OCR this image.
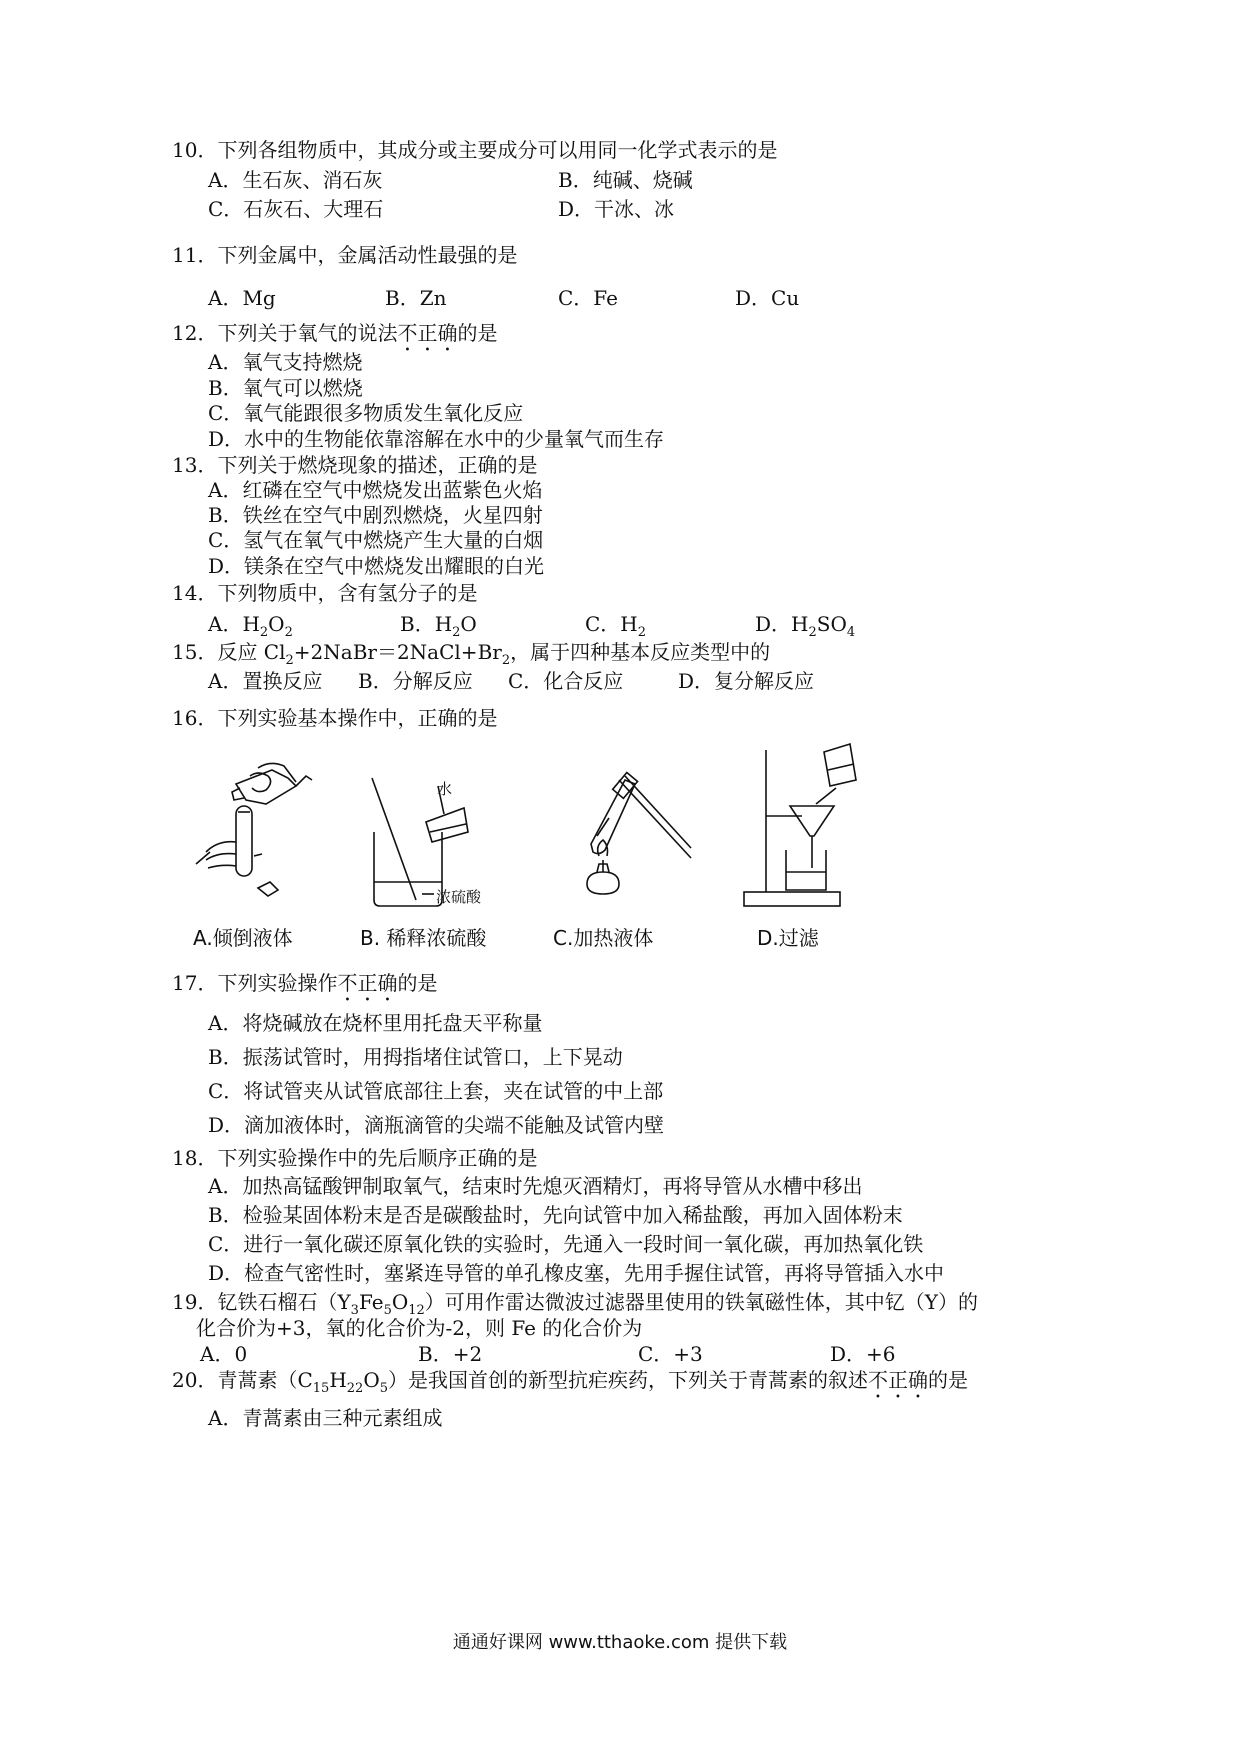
10．下列各组物质中，其成分或主要成分可以用同一化学式表示的是
A．生石灰、消石灰	B．纯碱、烧碱
C．石灰石、大理石	D．干冰、冰
11．下列金属中，金属活动性最强的是
A．Mg	B．Zn	C．Fe	D．Cu
12．下列关于氧气的说法不正确的是
A．氧气支持燃烧
B．氧气可以燃烧
C．氧气能跟很多物质发生氧化反应
D．水中的生物能依靠溶解在水中的少量氧气而生存
13．下列关于燃烧现象的描述，正确的是
A．红磷在空气中燃烧发出蓝紫色火焰
B．铁丝在空气中剧烈燃烧，火星四射
C．氢气在氧气中燃烧产生大量的白烟
D．镁条在空气中燃烧发出耀眼的白光
14．下列物质中，含有氢分子的是
A．$H_2O_2$	B．$H_2O$	C．$H_2$	D．$H_2SO_4$
15．反应 $Cl_2+2NaBr=2NaCl+Br_2$，属于四种基本反应类型中的
A．置换反应 B．分解反应 C．化合反应	D．复分解反应
16．下列实验基本操作中，正确的是
水
浓硫酸
A.倾倒液体	B. 稀释浓硫酸	C.加热液体	D.过滤
17．下列实验操作不正确的是
A．将烧碱放在烧杯里用托盘天平称量
B．振荡试管时，用拇指堵住试管口，上下晃动
C．将试管夹从试管底部往上套，夹在试管的中上部
D．滴加液体时，滴瓶滴管的尖端不能触及试管内壁
18．下列实验操作中的先后顺序正确的是
A．加热高锰酸钾制取氧气，结束时先熄灭酒精灯，再将导管从水槽中移出
B．检验某固体粉末是否是碳酸盐时，先向试管中加入稀盐酸，再加入固体粉末
C．进行一氧化碳还原氧化铁的实验时，先通入一段时间一氧化碳，再加热氧化铁
D．检查气密性时，塞紧连导管的单孔橡皮塞，先用手握住试管，再将导管插入水中
19．钇铁石榴石$(Y_3Fe_5O_{12})$可用作雷达微波过滤器里使用的铁氧磁性体，其中钇（Y）的
化合价为+3，氧的化合价为-2，则 Fe 的化合价为
A．0	B．+2	C．+3	D．+6
20．青蒿素$(C_{15}H_{22}O_5)$是我国首创的新型抗疟疾药，下列关于青蒿素的叙述不正确的是
A．青蒿素由三种元素组成
通通好课网 www.tthaoke.com 提供下载
